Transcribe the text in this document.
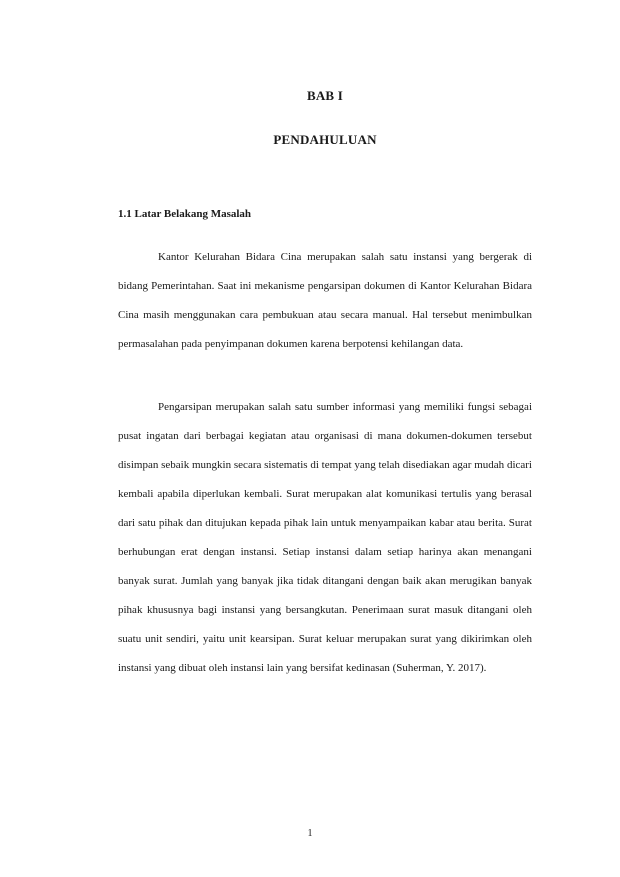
BAB I
PENDAHULUAN
1.1 Latar Belakang Masalah

Kantor Kelurahan Bidara Cina merupakan salah satu instansi yang bergerak di bidang Pemerintahan. Saat ini mekanisme pengarsipan dokumen di Kantor Kelurahan Bidara Cina masih menggunakan cara pembukuan atau secara manual. Hal tersebut menimbulkan permasalahan pada penyimpanan dokumen karena berpotensi kehilangan data.

Pengarsipan merupakan salah satu sumber informasi yang memiliki fungsi sebagai pusat ingatan dari berbagai kegiatan atau organisasi di mana dokumen-dokumen tersebut disimpan sebaik mungkin secara sistematis di tempat yang telah disediakan agar mudah dicari kembali apabila diperlukan kembali. Surat merupakan alat komunikasi tertulis yang berasal dari satu pihak dan ditujukan kepada pihak lain untuk menyampaikan kabar atau berita. Surat berhubungan erat dengan instansi. Setiap instansi dalam setiap harinya akan menangani banyak surat. Jumlah yang banyak jika tidak ditangani dengan baik akan merugikan banyak pihak khususnya bagi instansi yang bersangkutan. Penerimaan surat masuk ditangani oleh suatu unit sendiri, yaitu unit kearsipan. Surat keluar merupakan surat yang dikirimkan oleh instansi yang dibuat oleh instansi lain yang bersifat kedinasan (Suherman, Y. 2017).

1
